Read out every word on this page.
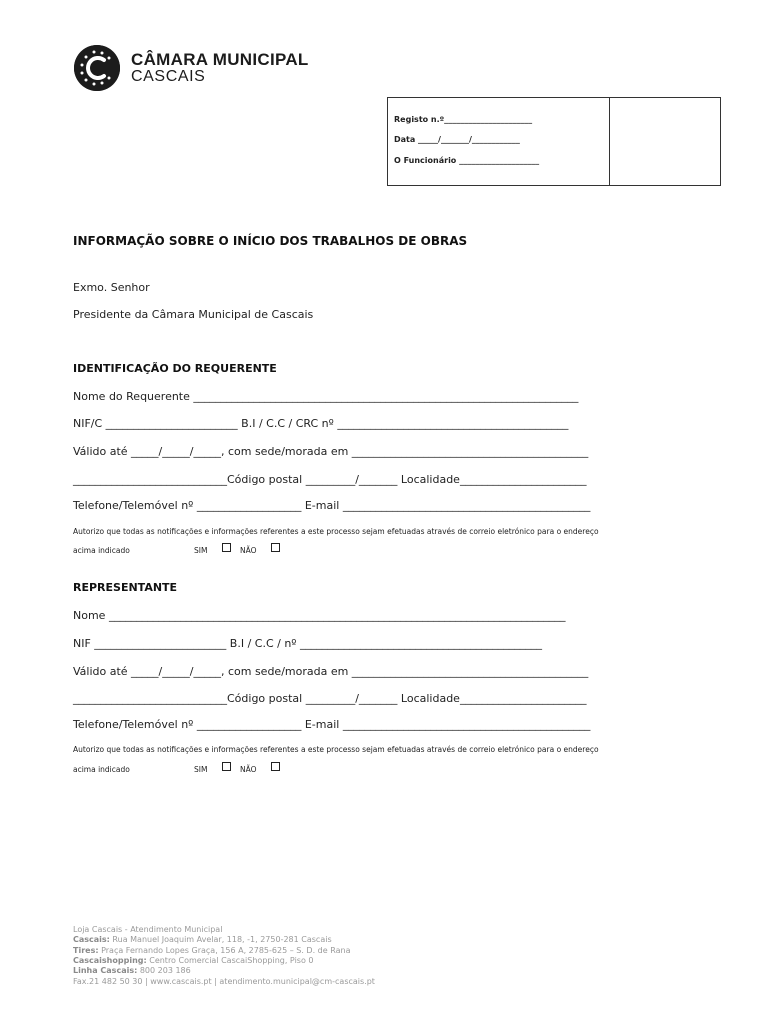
CÂMARA MUNICIPAL
CASCAIS
Registo n.º______________________
Data _____/_______/____________
O Funcionário ____________________
INFORMAÇÃO SOBRE O INÍCIO DOS TRABALHOS DE OBRAS
Exmo. Senhor
Presidente da Câmara Municipal de Cascais
IDENTIFICAÇÃO DO REQUERENTE
Nome do Requerente ______________________________________________________________________
NIF/C ________________________ B.I / C.C / CRC nº __________________________________________
Válido até _____/_____/_____, com sede/morada em ___________________________________________
____________________________Código postal _________/_______ Localidade_______________________
Telefone/Telemóvel nº ___________________ E-mail _____________________________________________
Autorizo que todas as notificações e informações referentes a este processo sejam efetuadas através de correio eletrónico para o endereço
acima indicado	SIM	NÃO
REPRESENTANTE
Nome ___________________________________________________________________________________
NIF ________________________ B.I / C.C / nº ____________________________________________
Válido até _____/_____/_____, com sede/morada em ___________________________________________
____________________________Código postal _________/_______ Localidade_______________________
Telefone/Telemóvel nº ___________________ E-mail _____________________________________________
Autorizo que todas as notificações e informações referentes a este processo sejam efetuadas através de correio eletrónico para o endereço
acima indicado	SIM	NÃO
Loja Cascais - Atendimento Municipal
Cascais: Rua Manuel Joaquim Avelar, 118, -1, 2750-281 Cascais
Tires: Praça Fernando Lopes Graça, 156 A, 2785-625 – S. D. de Rana
Cascaishopping: Centro Comercial CascaiShopping, Piso 0
Linha Cascais: 800 203 186
Fax.21 482 50 30 | www.cascais.pt | atendimento.municipal@cm-cascais.pt
